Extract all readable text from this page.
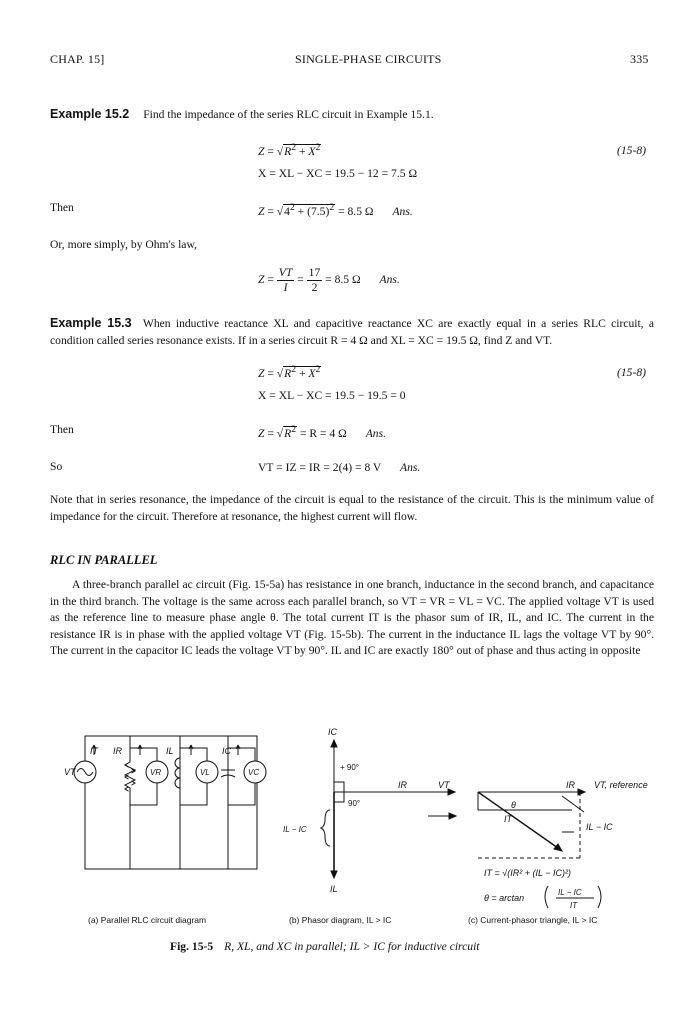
CHAP. 15]	SINGLE-PHASE CIRCUITS	335
Example 15.2 Find the impedance of the series RLC circuit in Example 15.1.
$Z = √R^2 + X^2$	(15-8)
X = XL − XC = 19.5 − 12 = 7.5 Ω
Then	$Z = √4^2 + (7.5)^2 = 8.5$ Ω Ans.
Or, more simply, by Ohm's law,
$Z = \frac{VT}{I} = \frac{17}{2} = 8.5$ Ω Ans.
Example 15.3 When inductive reactance XL and capacitive reactance XC are exactly equal in a series RLC circuit, a condition called series resonance exists. If in a series circuit R = 4 Ω and XL = XC = 19.5 Ω, find Z and VT.
$Z = √R^2 + X^2$	(15-8)
X = XL − XC = 19.5 − 19.5 = 0
Then	$Z = √R^2 = R = 4$ Ω Ans.
So	VT = IZ = IR = 2(4) = 8 V Ans.
Note that in series resonance, the impedance of the circuit is equal to the resistance of the circuit. This is the minimum value of impedance for the circuit. Therefore at resonance, the highest current will flow.
RLC IN PARALLEL
A three-branch parallel ac circuit (Fig. 15-5a) has resistance in one branch, inductance in the second branch, and capacitance in the third branch. The voltage is the same across each parallel branch, so VT = VR = VL = VC. The applied voltage VT is used as the reference line to measure phase angle θ. The total current IT is the phasor sum of IR, IL, and IC. The current in the resistance IR is in phase with the applied voltage VT (Fig. 15-5b). The current in the inductance IL lags the voltage VT by 90°. The current in the capacitor IC leads the voltage VT by 90°. IL and IC are exactly 180° out of phase and thus acting in opposite
IT IR	IL	IC
VT	VR	VL	VC
IC
+ 90°
90°
IR	VT
IL − IC
IL
IR VT, reference
θ
IT
IL − IC
IT = √(IR² + (IL − IC)²)
θ = arctan
IL − IC
IT
(a) Parallel RLC circuit diagram	(b) Phasor diagram, IL > IC	(c) Current-phasor triangle, IL > IC
Fig. 15-5 R, XL, and XC in parallel; IL > IC for inductive circuit
